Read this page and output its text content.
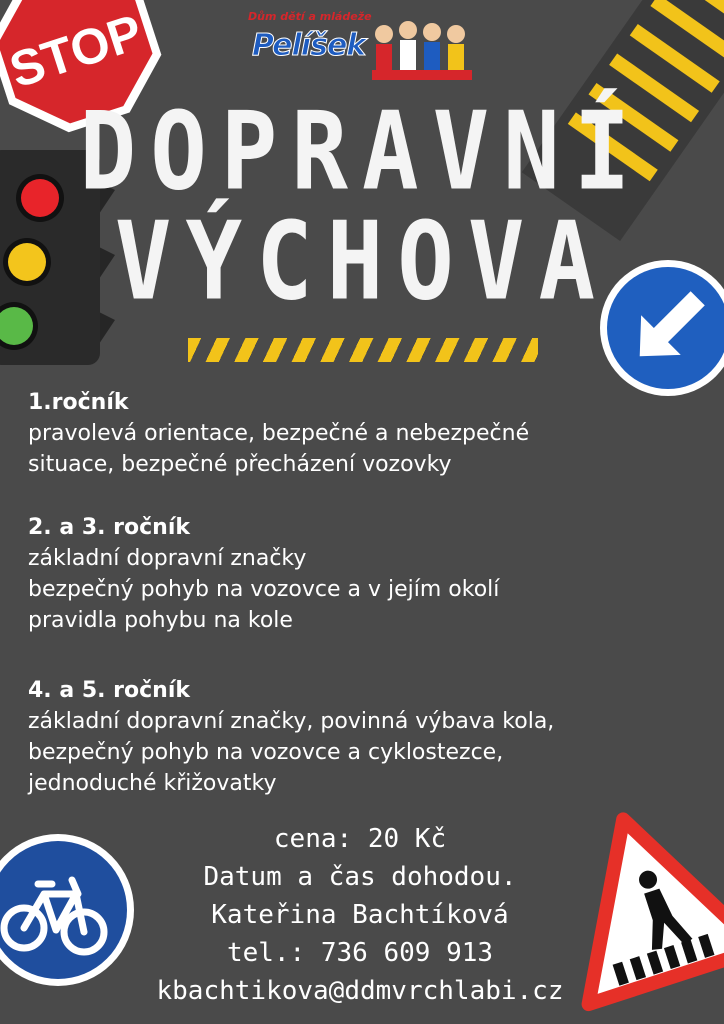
STOP	Dům dětí a mládeže
Pelíšek
DOPRAVNÍ
VÝCHOVA
1.ročník
pravolevá orientace, bezpečné a nebezpečné
situace, bezpečné přecházení vozovky
2. a 3. ročník
základní dopravní značky
bezpečný pohyb na vozovce a v jejím okolí
pravidla pohybu na kole
4. a 5. ročník
základní dopravní značky, povinná výbava kola,
bezpečný pohyb na vozovce a cyklostezce,
jednoduché křižovatky
cena: 20 Kč
Datum a čas dohodou.
Kateřina Bachtíková
tel.: 736 609 913
kbachtikova@ddmvrchlabi.cz
